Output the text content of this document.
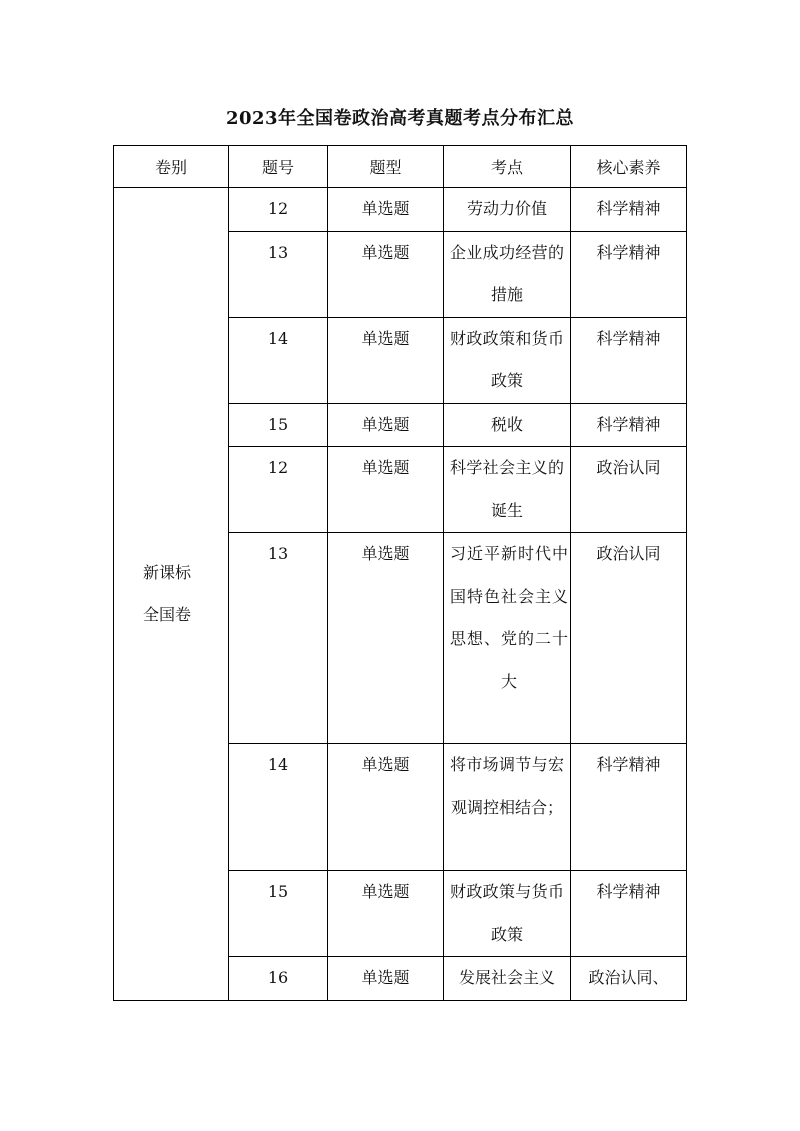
2023年全国卷政治高考真题考点分布汇总
卷别	题号	题型	考点	核心素养

新课标
全国卷	12	单选题	劳动力价值	科学精神

	13	单选题	企业成功经营的措施	科学精神

	14	单选题	财政政策和货币政策	科学精神

	15	单选题	税收	科学精神

	12	单选题	科学社会主义的诞生	政治认同

	13	单选题	习近平新时代中国特色社会主义思想、党的二十大	政治认同

	14	单选题	将市场调节与宏观调控相结合；	科学精神

	15	单选题	财政政策与货币政策	科学精神

	16	单选题	发展社会主义	政治认同、
